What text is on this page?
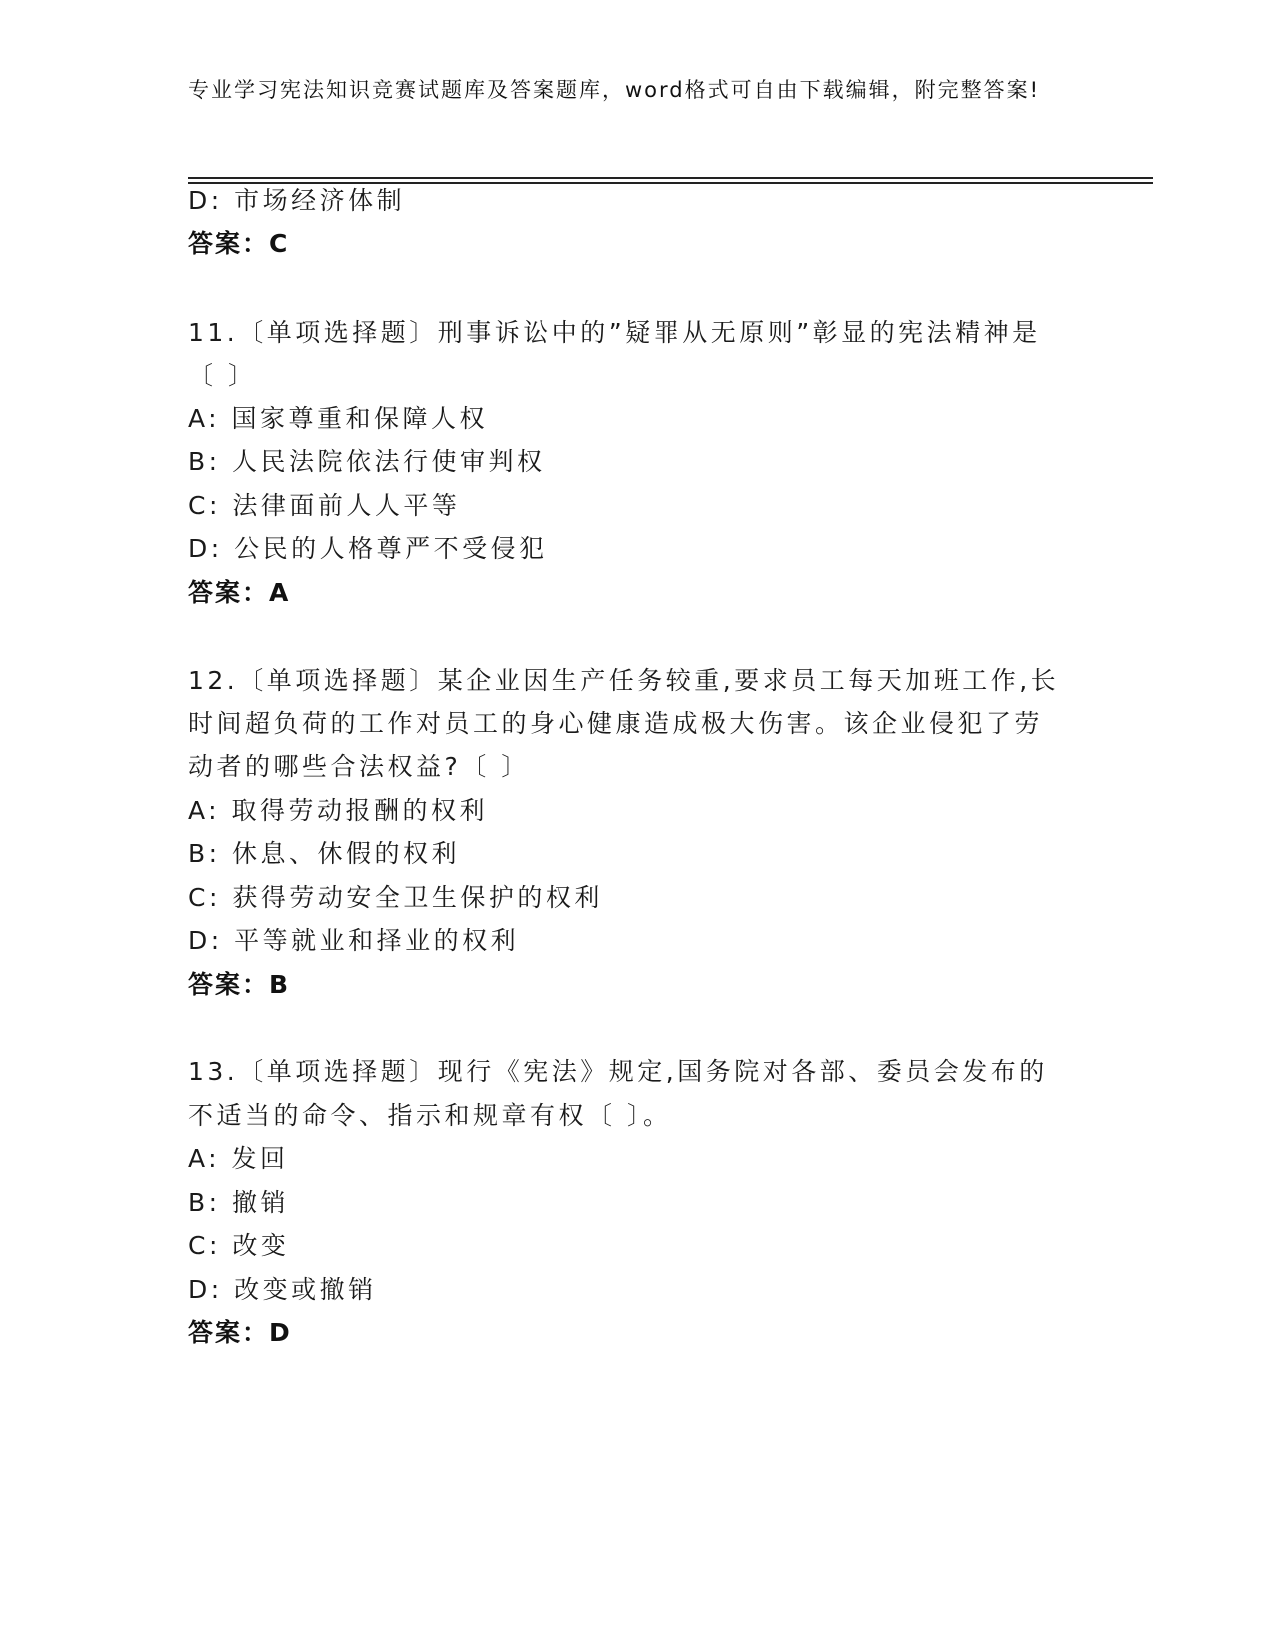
专业学习宪法知识竞赛试题库及答案题库，word格式可自由下载编辑，附完整答案!
D: 市场经济体制
答案：C
11.〔单项选择题〕刑事诉讼中的”疑罪从无原则”彰显的宪法精神是
〔 〕
A: 国家尊重和保障人权
B: 人民法院依法行使审判权
C: 法律面前人人平等
D: 公民的人格尊严不受侵犯
答案：A
12.〔单项选择题〕某企业因生产任务较重,要求员工每天加班工作,长
时间超负荷的工作对员工的身心健康造成极大伤害。该企业侵犯了劳
动者的哪些合法权益?〔 〕
A: 取得劳动报酬的权利
B: 休息、休假的权利
C: 获得劳动安全卫生保护的权利
D: 平等就业和择业的权利
答案：B
13.〔单项选择题〕现行《宪法》规定,国务院对各部、委员会发布的
不适当的命令、指示和规章有权〔 〕。
A: 发回
B: 撤销
C: 改变
D: 改变或撤销
答案：D
